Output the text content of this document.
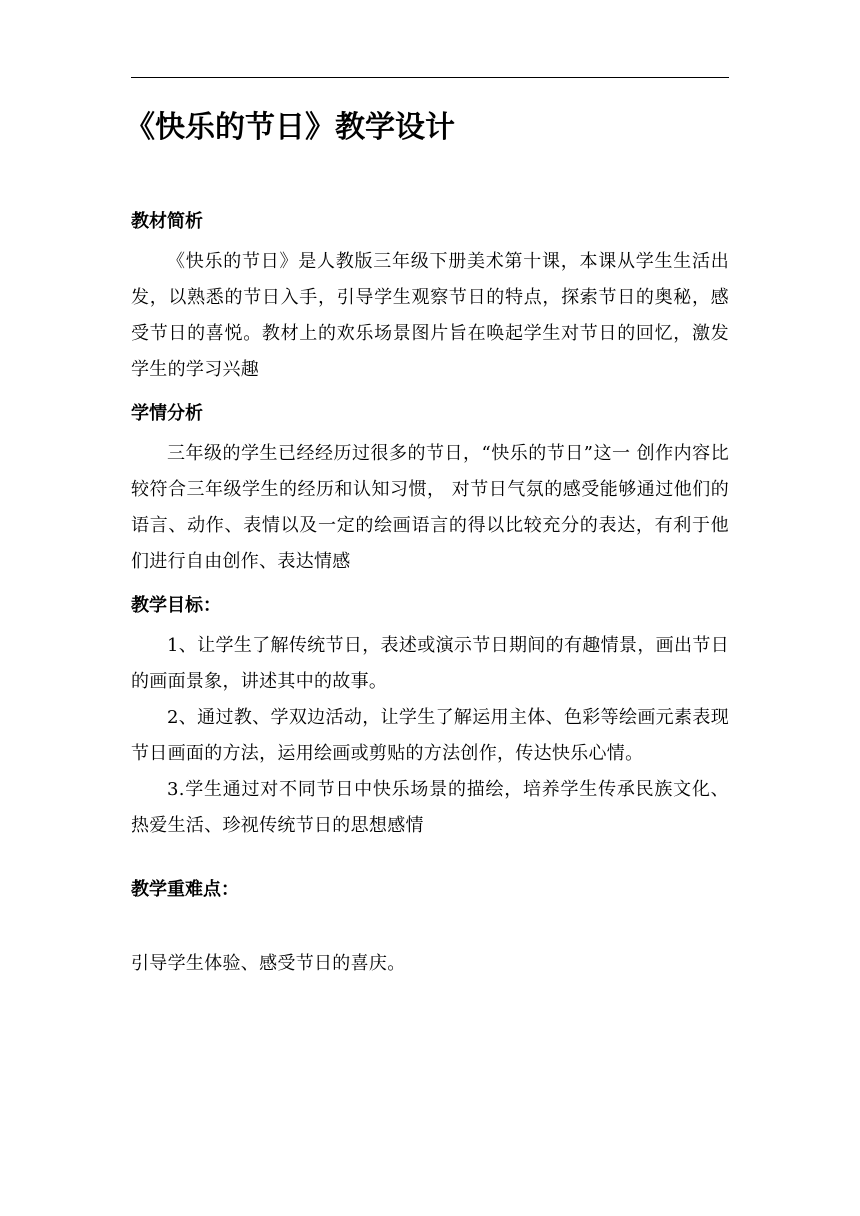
《快乐的节日》教学设计
教材简析

《快乐的节日》是人教版三年级下册美术第十课，本课从学生生活出发，以熟悉的节日入手，引导学生观察节日的特点，探索节日的奥秘，感受节日的喜悦。教材上的欢乐场景图片旨在唤起学生对节日的回忆，激发学生的学习兴趣

学情分析

三年级的学生已经经历过很多的节日，“快乐的节日”这一 创作内容比较符合三年级学生的经历和认知习惯， 对节日气氛的感受能够通过他们的语言、动作、表情以及一定的绘画语言的得以比较充分的表达，有利于他们进行自由创作、表达情感

教学目标：

1、让学生了解传统节日，表述或演示节日期间的有趣情景，画出节日的画面景象，讲述其中的故事。

2、通过教、学双边活动，让学生了解运用主体、色彩等绘画元素表现节日画面的方法，运用绘画或剪贴的方法创作，传达快乐心情。

3.学生通过对不同节日中快乐场景的描绘，培养学生传承民族文化、热爱生活、珍视传统节日的思想感情

教学重难点：

引导学生体验、感受节日的喜庆。
